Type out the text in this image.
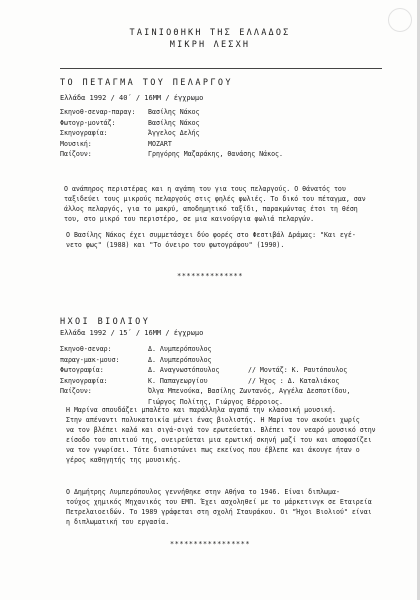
ΤΑΙΝΙΟΘΗΚΗ ΤΗΣ ΕΛΛΑΔΟΣ
ΜΙΚΡΗ ΛΕΣΧΗ
ΤΟ ΠΕΤΑΓΜΑ ΤΟΥ ΠΕΛΑΡΓΟΥ
Ελλάδα 1992 / 40΄ / 16ΜΜ / έγχρωμο
Σκηνοθ-σεναρ-παραγ: Βασίλης Νάκος
Φωτογρ-μοντάζ:	Βασίλης Νάκος
Σκηνογραφία:	Άγγελος Δελής
Μουσική:	MOZART
Παίζουν:	Γρηγόρης Μαζαράκης, Θανάσης Νάκος.
Ο ανάπηρος περιστέρας και η αγάπη του για τους πελαργούς. Ο θάνατός του
ταξιδεύει τους μικρούς πελαργούς στις φηλές φωλιές. Το δικό του πέταγμα, σαν
άλλος πελαργός, για το μακρύ, αποδημητικό ταξίδι, παρακμώντας έτσι τη θέση
του, στο μικρό του περιστέρο, σε μια καινούργια φωλιά πελαργών.
Ο Βασίλης Νάκος έχει συμμετάσχει δύο φορές στο Φεστιβάλ Δράμας: "Και εγέ-
νετο φως" (1988) και "Το όνειρο του φωτογράφου" (1990).
**************
ΗΧΟΙ ΒΙΟΛΙΟΥ
Ελλάδα 1992 / 15΄ / 16ΜΜ / έγχρωμο
Σκηνοθ-σεναρ:	Δ. Λυμπερόπουλος
παραγ-μακ-μουσ:	Δ. Λυμπερόπουλος
Φωτογραφία:	Δ. Αναγνωστόπουλος	// Μοντάζ: Κ. Ραυτόπουλος
Σκηνογραφία:	Κ. Παπαγεωργίου	// Ήχος : Δ. Καταλιάκος
Παίζουν:	Όλγα Μπενούκα, Βασίλης Ζωντανός, Αγγέλα Δεσποτίδου,
Γιώργος Πολίτης, Γιώργος Βέρροιος.
Η Μαρίνα σπουδάζει μπαλέτο και παράλληλα αγαπά την κλασσική μουσική.
Στην απέναντι πολυκατοικία μένει ένας βιολιστής. Η Μαρίνα τον ακούει χωρίς
να τον βλέπει καλά και σιγά-σιγά τον ερωτεύεται. Βλέπει τον νεαρό μουσικό στην
είσοδο του σπιτιού της, ονειρεύεται μια ερωτική σκηνή μαζί του και αποφασίζει
να τον γνωρίσει. Τότε διαπιστώνει πως εκείνος που έβλεπε και άκουγε ήταν ο
γέρος καθηγητής της μουσικής.
Ο Δημήτρης Λυμπερόπουλος γεννήθηκε στην Αθήνα το 1946. Είναι διπλωμα-
τούχος χημικός Μηχανικός του ΕΜΠ. Έχει ασχοληθεί με το μάρκετινγκ σε Εταιρεία
Πετρελαιοειδών. Το 1989 γράφεται στη σχολή Σταυράκου. Οι "Ήχοι Βιολιού" είναι
η διπλωματική του εργασία.
*****************
